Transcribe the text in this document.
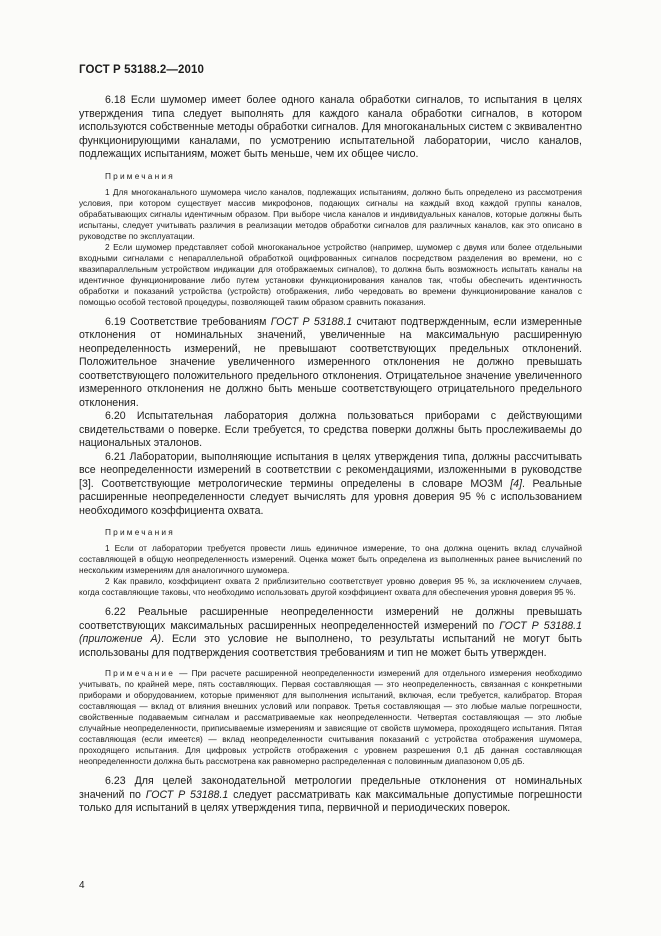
ГОСТ Р 53188.2—2010

6.18 Если шумомер имеет более одного канала обработки сигналов, то испытания в целях утверждения типа следует выполнять для каждого канала обработки сигналов, в котором используются собственные методы обработки сигналов. Для многоканальных систем с эквивалентно функционирующими каналами, по усмотрению испытательной лаборатории, число каналов, подлежащих испытаниям, может быть меньше, чем их общее число.

Примечания

1 Для многоканального шумомера число каналов, подлежащих испытаниям, должно быть определено из рассмотрения условия, при котором существует массив микрофонов, подающих сигналы на каждый вход каждой группы каналов, обрабатывающих сигналы идентичным образом. При выборе числа каналов и индивидуальных каналов, которые должны быть испытаны, следует учитывать различия в реализации методов обработки сигналов для различных каналов, как это описано в руководстве по эксплуатации.

2 Если шумомер представляет собой многоканальное устройство (например, шумомер с двумя или более отдельными входными сигналами с непараллельной обработкой оцифрованных сигналов посредством разделения во времени, но с квазипараллельным устройством индикации для отображаемых сигналов), то должна быть возможность испытать каналы на идентичное функционирование либо путем установки функционирования каналов так, чтобы обеспечить идентичность обработки и показаний устройства (устройств) отображения, либо чередовать во времени функционирование каналов с помощью особой тестовой процедуры, позволяющей таким образом сравнить показания.

6.19 Соответствие требованиям ГОСТ Р 53188.1 считают подтвержденным, если измеренные отклонения от номинальных значений, увеличенные на максимальную расширенную неопределенность измерений, не превышают соответствующих предельных отклонений. Положительное значение увеличенного измеренного отклонения не должно превышать соответствующего положительного предельного отклонения. Отрицательное значение увеличенного измеренного отклонения не должно быть меньше соответствующего отрицательного предельного отклонения.

6.20 Испытательная лаборатория должна пользоваться приборами с действующими свидетельствами о поверке. Если требуется, то средства поверки должны быть прослеживаемы до национальных эталонов.

6.21 Лаборатории, выполняющие испытания в целях утверждения типа, должны рассчитывать все неопределенности измерений в соответствии с рекомендациями, изложенными в руководстве [3]. Соответствующие метрологические термины определены в словаре МОЗМ [4]. Реальные расширенные неопределенности следует вычислять для уровня доверия 95 % с использованием необходимого коэффициента охвата.

Примечания

1 Если от лаборатории требуется провести лишь единичное измерение, то она должна оценить вклад случайной составляющей в общую неопределенность измерений. Оценка может быть определена из выполненных ранее вычислений по нескольким измерениям для аналогичного шумомера.

2 Как правило, коэффициент охвата 2 приблизительно соответствует уровню доверия 95 %, за исключением случаев, когда составляющие таковы, что необходимо использовать другой коэффициент охвата для обеспечения уровня доверия 95 %.

6.22 Реальные расширенные неопределенности измерений не должны превышать соответствующих максимальных расширенных неопределенностей измерений по ГОСТ Р 53188.1 (приложение А). Если это условие не выполнено, то результаты испытаний не могут быть использованы для подтверждения соответствия требованиям и тип не может быть утвержден.

Примечание — При расчете расширенной неопределенности измерений для отдельного измерения необходимо учитывать, по крайней мере, пять составляющих. Первая составляющая — это неопределенность, связанная с конкретными приборами и оборудованием, которые применяют для выполнения испытаний, включая, если требуется, калибратор. Вторая составляющая — вклад от влияния внешних условий или поправок. Третья составляющая — это любые малые погрешности, свойственные подаваемым сигналам и рассматриваемые как неопределенности. Четвертая составляющая — это любые случайные неопределенности, приписываемые измерениям и зависящие от свойств шумомера, проходящего испытания. Пятая составляющая (если имеется) — вклад неопределенности считывания показаний с устройства отображения шумомера, проходящего испытания. Для цифровых устройств отображения с уровнем разрешения 0,1 дБ данная составляющая неопределенности должна быть рассмотрена как равномерно распределенная с половинным диапазоном 0,05 дБ.

6.23 Для целей законодательной метрологии предельные отклонения от номинальных значений по ГОСТ Р 53188.1 следует рассматривать как максимальные допустимые погрешности только для испытаний в целях утверждения типа, первичной и периодических поверок.

4
